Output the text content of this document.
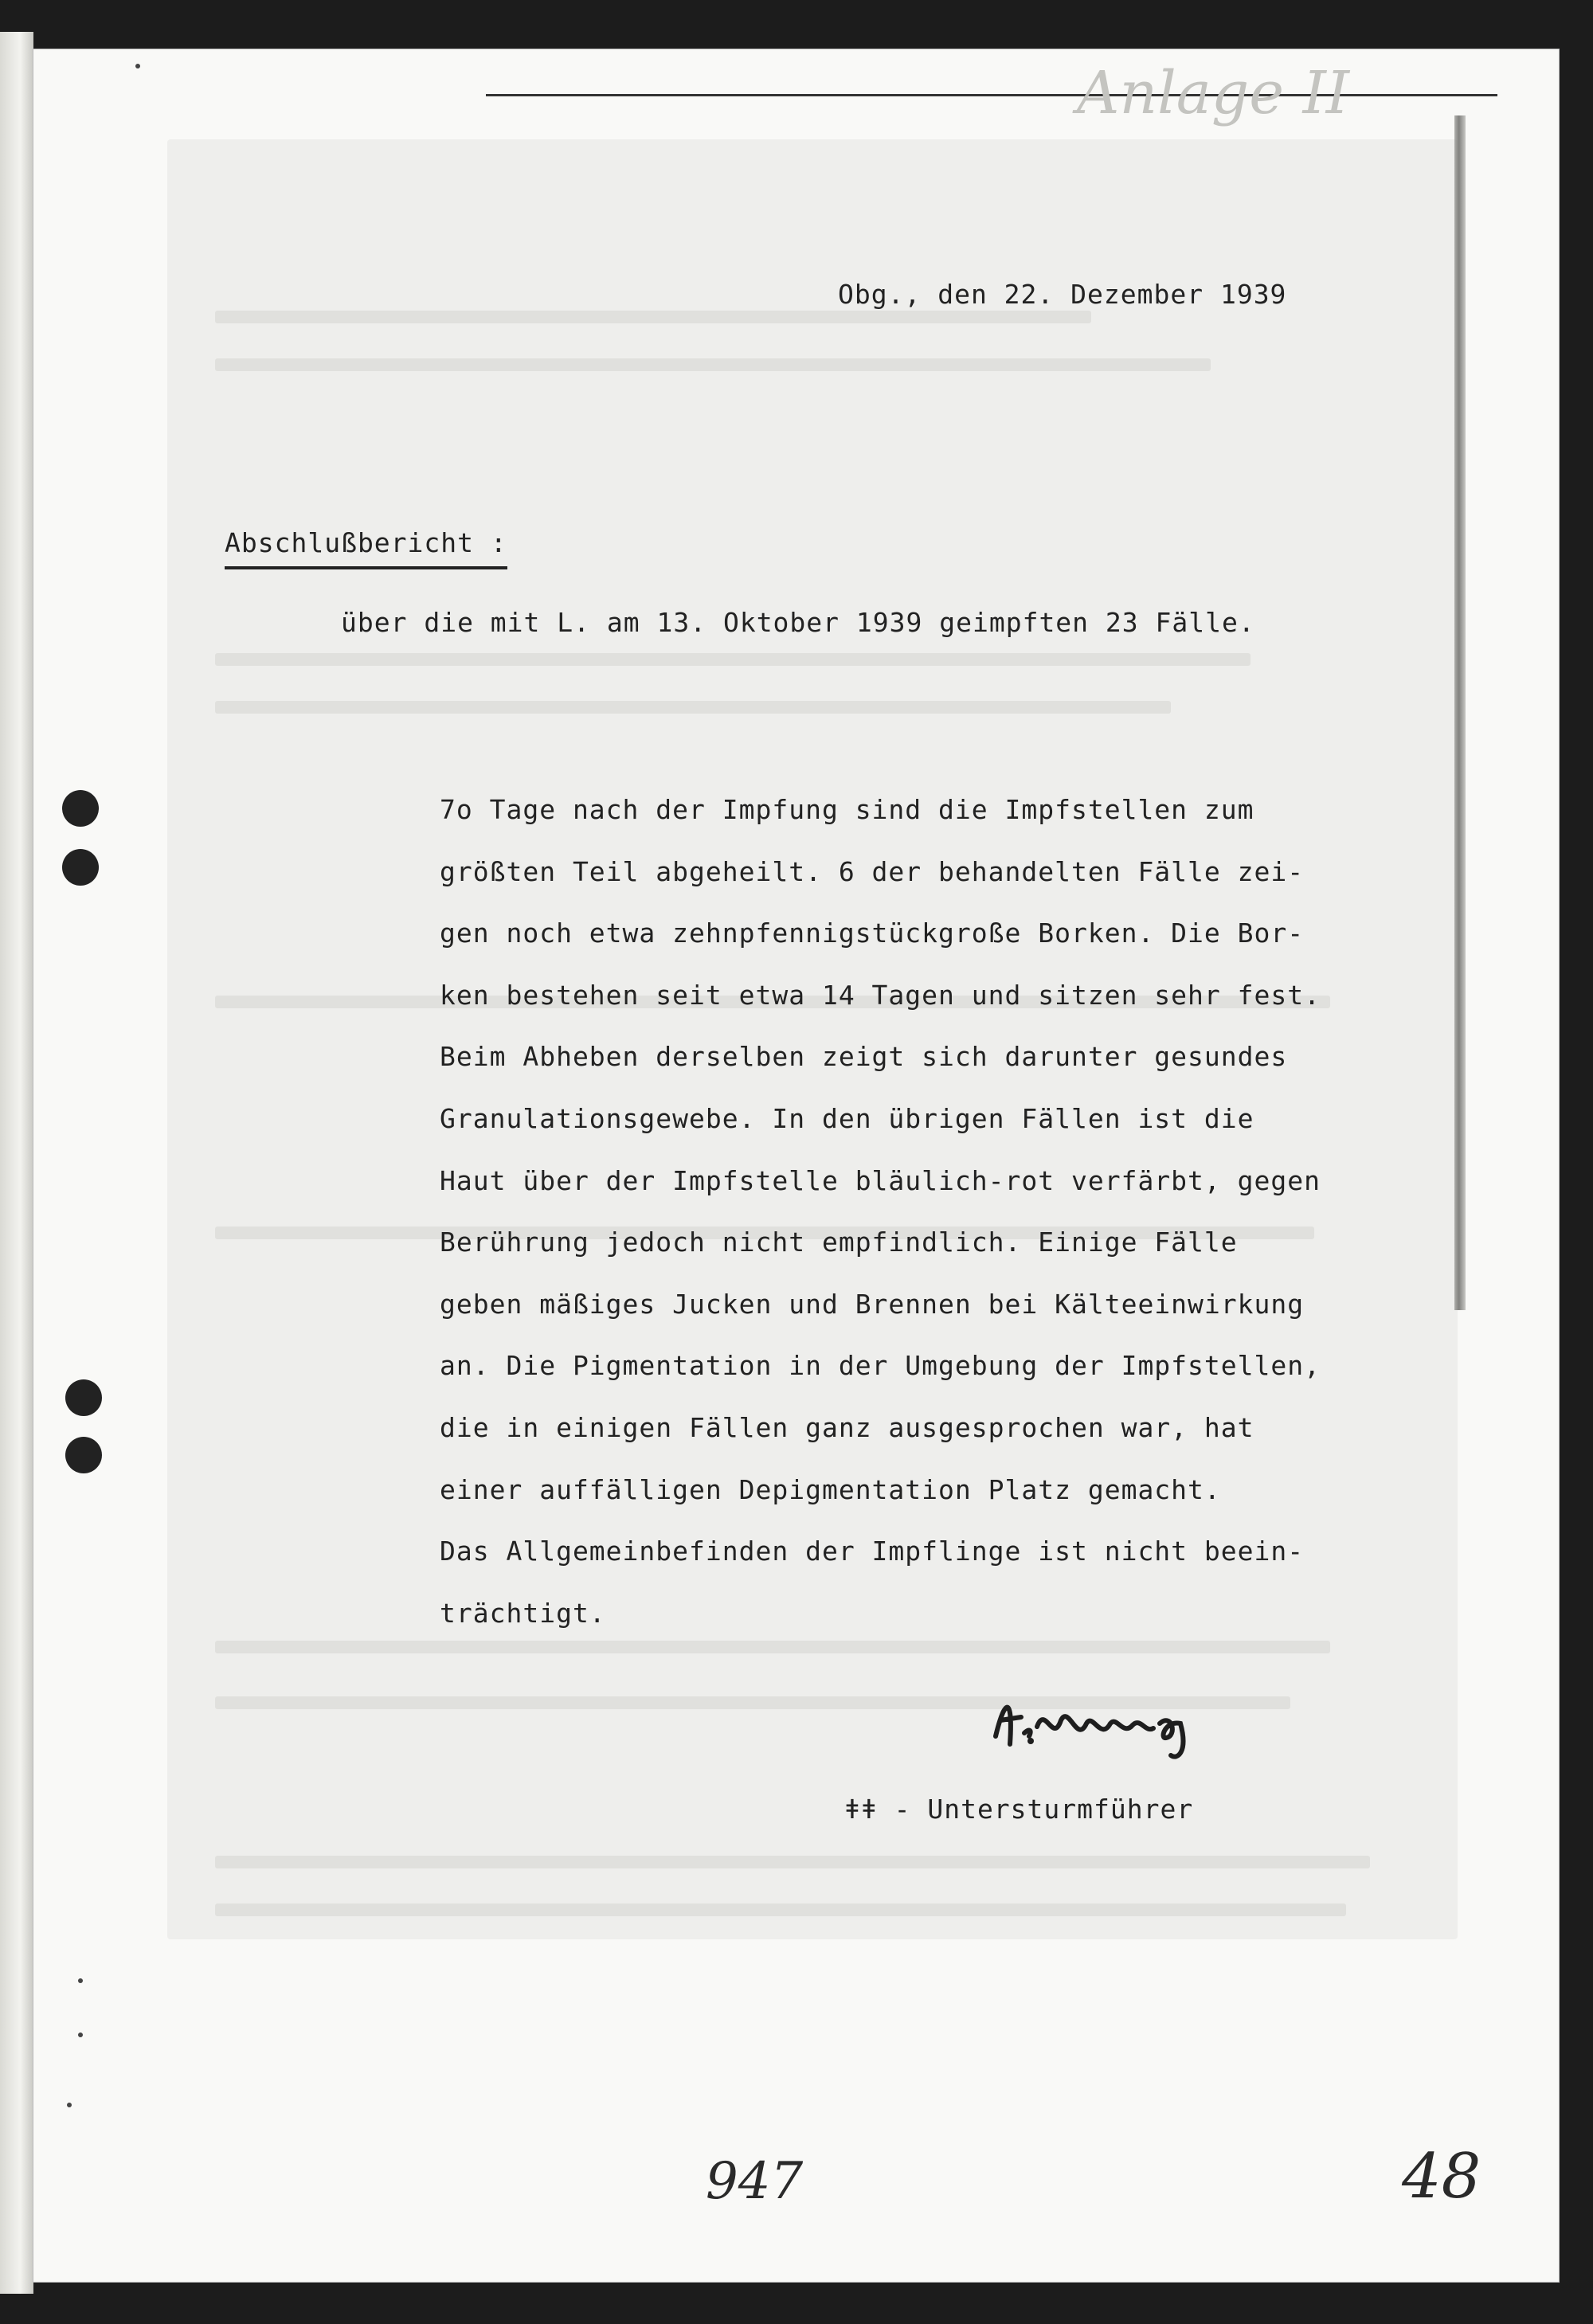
Anlage II
Obg., den 22. Dezember 1939
Abschlußbericht :
über die mit L. am 13. Oktober 1939 geimpften 23 Fälle.
7o Tage nach der Impfung sind die Impfstellen zum
größten Teil abgeheilt. 6 der behandelten Fälle zei-
gen noch etwa zehnpfennigstückgroße Borken. Die Bor-
ken bestehen seit etwa 14 Tagen und sitzen sehr fest.
Beim Abheben derselben zeigt sich darunter gesundes
Granulationsgewebe. In den übrigen Fällen ist die
Haut über der Impfstelle bläulich-rot verfärbt, gegen
Berührung jedoch nicht empfindlich. Einige Fälle
geben mäßiges Jucken und Brennen bei Kälteeinwirkung
an. Die Pigmentation in der Umgebung der Impfstellen,
die in einigen Fällen ganz ausgesprochen war, hat
einer auffälligen Depigmentation Platz gemacht.
Das Allgemeinbefinden der Impflinge ist nicht beein-
trächtigt.
ǂǂ - Untersturmführer
947	48
